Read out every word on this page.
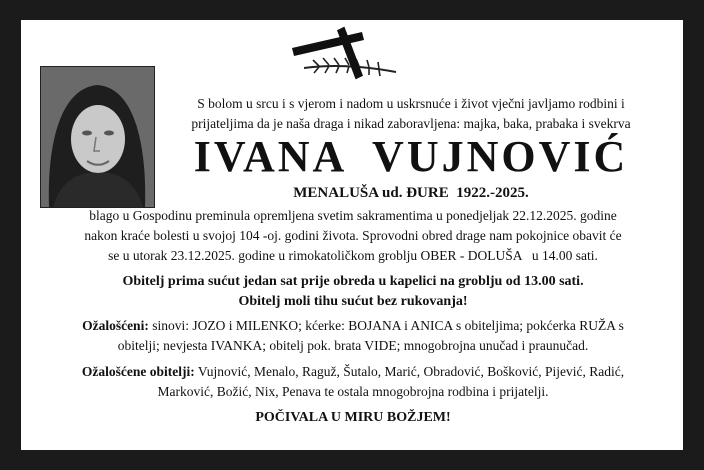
S bolom u srcu i s vjerom i nadom u uskrsnuće i život vječni javljamo rodbini i
prijateljima da je naša draga i nikad zaboravljena: majka, baka, prabaka i svekrva
IVANA  VUJNOVIĆ
MENALUŠA ud. ĐURE  1922.-2025.
blago u Gospodinu preminula opremljena svetim sakramentima u ponedjeljak 22.12.2025. godine
nakon kraće bolesti u svojoj 104 -oj. godini života. Sprovodni obred drage nam pokojnice obavit će
se u utorak 23.12.2025. godine u rimokatoličkom groblju OBER - DOLUŠA   u 14.00 sati.
Obitelj prima sućut jedan sat prije obreda u kapelici na groblju od 13.00 sati.
Obitelj moli tihu sućut bez rukovanja!
Ožalošćeni: sinovi: JOZO i MILENKO; kćerke: BOJANA i ANICA s obiteljima; pokćerka RUŽA s
obitelji; nevjesta IVANKA; obitelj pok. brata VIDE; mnogobrojna unučad i praunučad.
Ožalošćene obitelji: Vujnović, Menalo, Raguž, Šutalo, Marić, Obradović, Bošković, Pijević, Radić,
Marković, Božić, Nix, Penava te ostala mnogobrojna rodbina i prijatelji.
POČIVALA U MIRU BOŽJEM!
